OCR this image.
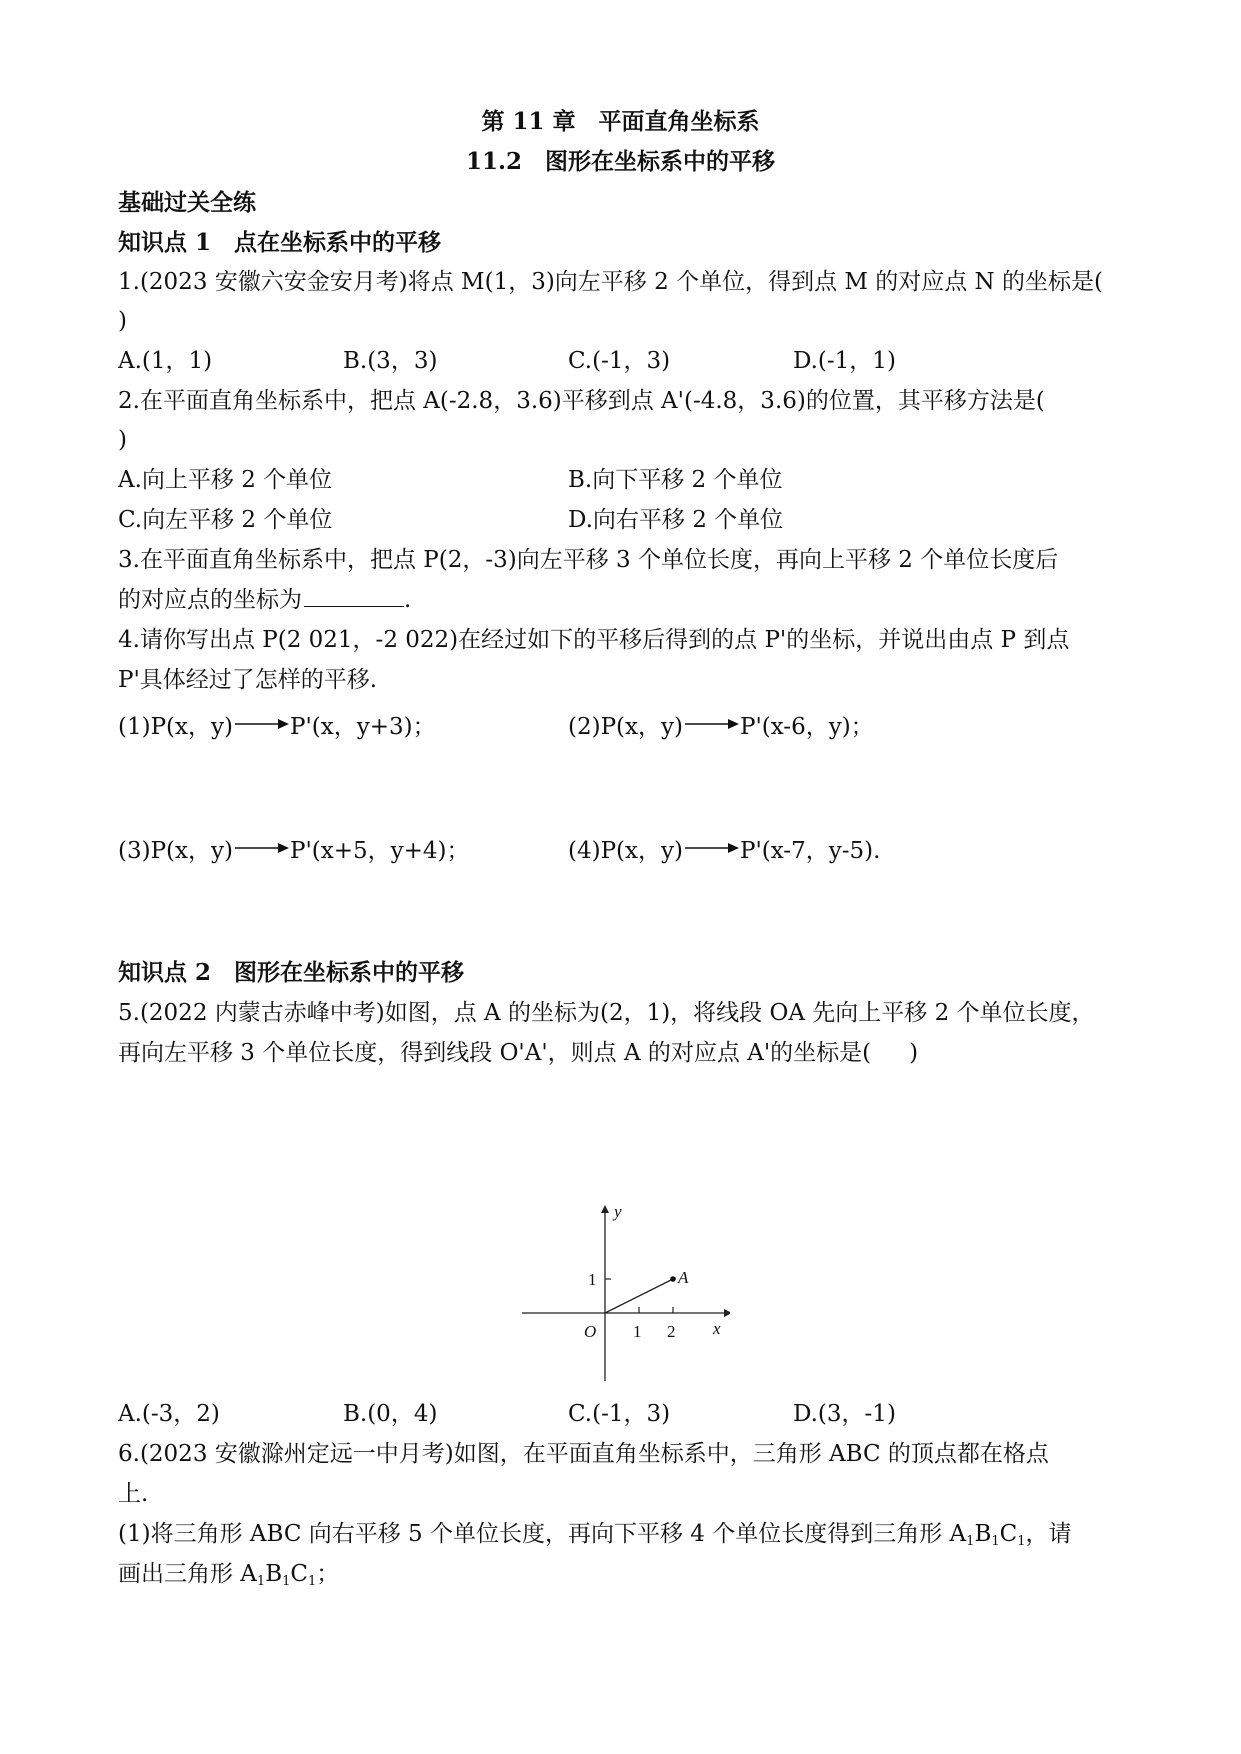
第 11 章　平面直角坐标系
11.2　图形在坐标系中的平移
基础过关全练
知识点 1　点在坐标系中的平移
1.(2023 安徽六安金安月考)将点 M(1，3)向左平移 2 个单位，得到点 M 的对应点 N 的坐标是(
)
A.(1，1)	B.(3，3)	C.(-1，3)	D.(-1，1)
2.在平面直角坐标系中，把点 A(-2.8，3.6)平移到点 A'(-4.8，3.6)的位置，其平移方法是(
)
A.向上平移 2 个单位	B.向下平移 2 个单位
C.向左平移 2 个单位	D.向右平移 2 个单位
3.在平面直角坐标系中，把点 P(2，-3)向左平移 3 个单位长度，再向上平移 2 个单位长度后
的对应点的坐标为	.
4.请你写出点 P(2 021，-2 022)在经过如下的平移后得到的点 P'的坐标，并说出由点 P 到点
P'具体经过了怎样的平移.
(1)P(x，y) P'(x，y+3)；	(2)P(x，y) P'(x-6，y)；
(3)P(x，y) P'(x+5，y+4)；	(4)P(x，y) P'(x-7，y-5).
知识点 2　图形在坐标系中的平移
5.(2022 内蒙古赤峰中考)如图，点 A 的坐标为(2，1)，将线段 OA 先向上平移 2 个单位长度，
再向左平移 3 个单位长度，得到线段 O'A'，则点 A 的对应点 A'的坐标是( )
y
x
O 1 2
1	A
A.(-3，2)	B.(0，4)	C.(-1，3)	D.(3，-1)
6.(2023 安徽滁州定远一中月考)如图，在平面直角坐标系中，三角形 ABC 的顶点都在格点
上.
(1)将三角形 ABC 向右平移 5 个单位长度，再向下平移 4 个单位长度得到三角形 $A_1B_1C_1$，请
画出三角形 $A_1B_1C_1$；
